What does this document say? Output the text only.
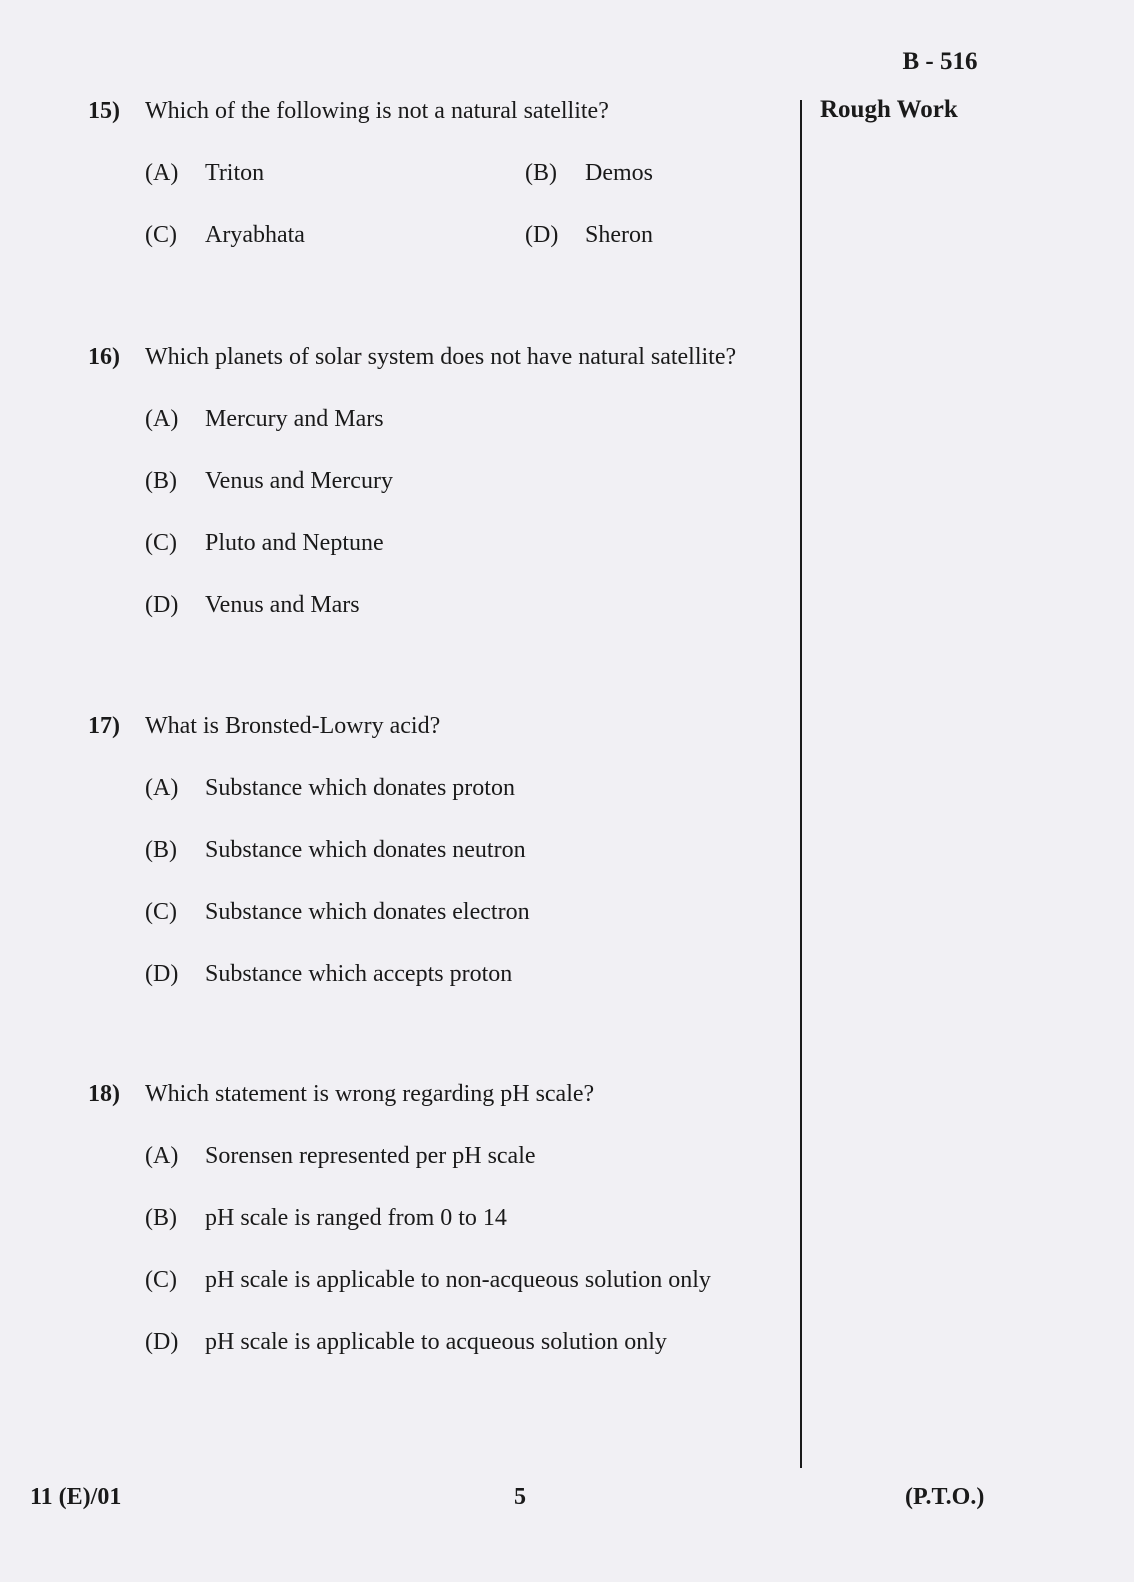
B - 516
Rough Work
15)	Which of the following is not a natural satellite?
(A)	Triton	(B)	Demos
(C)	Aryabhata	(D)	Sheron
16)	Which planets of solar system does not have natural satellite?
(A)	Mercury and Mars
(B)	Venus and Mercury
(C)	Pluto and Neptune
(D)	Venus and Mars
17)	What is Bronsted-Lowry acid?
(A)	Substance which donates proton
(B)	Substance which donates neutron
(C)	Substance which donates electron
(D)	Substance which accepts proton
18)	Which statement is wrong regarding pH scale?
(A)	Sorensen represented per pH scale
(B)	pH scale is ranged from 0 to 14
(C)	pH scale is applicable to non-acqueous solution only
(D)	pH scale is applicable to acqueous solution only
11 (E)/01	5	(P.T.O.)
